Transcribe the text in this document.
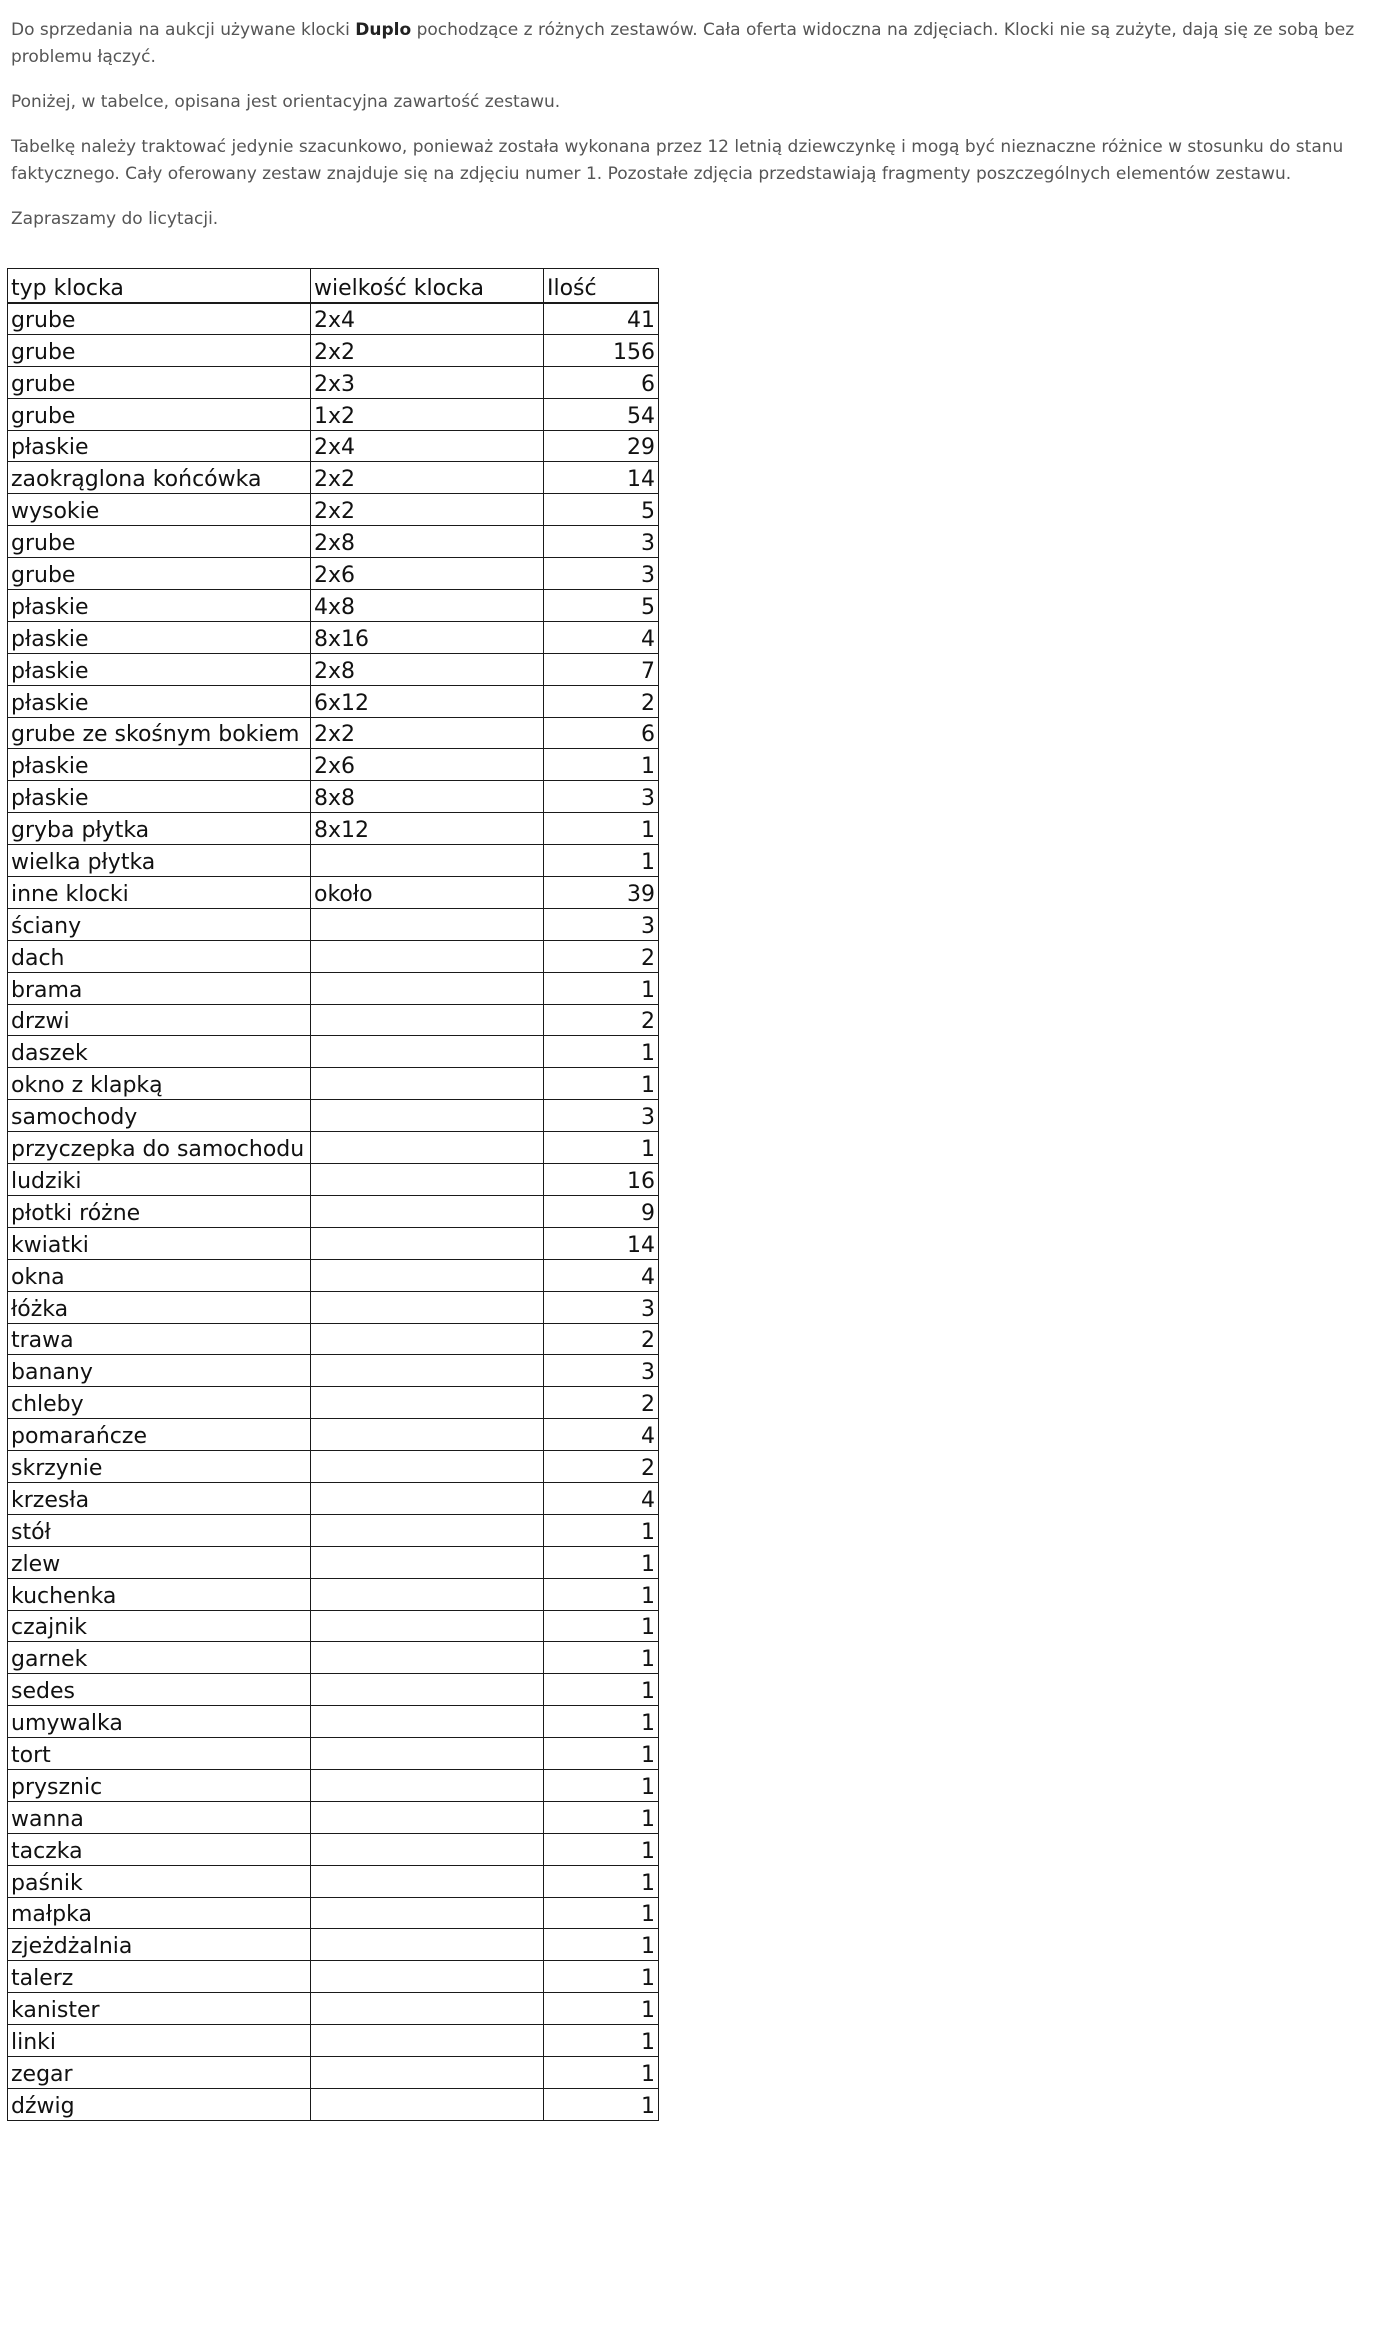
Do sprzedania na aukcji używane klocki Duplo pochodzące z różnych zestawów. Cała oferta widoczna na zdjęciach. Klocki nie są zużyte, dają się ze sobą bez problemu łączyć.

Poniżej, w tabelce, opisana jest orientacyjna zawartość zestawu.

Tabelkę należy traktować jedynie szacunkowo, ponieważ została wykonana przez 12 letnią dziewczynkę i mogą być nieznaczne różnice w stosunku do stanu faktycznego. Cały oferowany zestaw znajduje się na zdjęciu numer 1. Pozostałe zdjęcia przedstawiają fragmenty poszczególnych elementów zestawu.

Zapraszamy do licytacji.

typ klocka	wielkość klocka	Ilość
grube	2x4	41
grube	2x2	156
grube	2x3	6
grube	1x2	54
płaskie	2x4	29
zaokrąglona końcówka	2x2	14
wysokie	2x2	5
grube	2x8	3
grube	2x6	3
płaskie	4x8	5
płaskie	8x16	4
płaskie	2x8	7
płaskie	6x12	2
grube ze skośnym bokiem	2x2	6
płaskie	2x6	1
płaskie	8x8	3
gryba płytka	8x12	1
wielka płytka		1
inne klocki	około	39
ściany		3
dach		2
brama		1
drzwi		2
daszek		1
okno z klapką		1
samochody		3
przyczepka do samochodu		1
ludziki		16
płotki różne		9
kwiatki		14
okna		4
łóżka		3
trawa		2
banany		3
chleby		2
pomarańcze		4
skrzynie		2
krzesła		4
stół		1
zlew		1
kuchenka		1
czajnik		1
garnek		1
sedes		1
umywalka		1
tort		1
prysznic		1
wanna		1
taczka		1
paśnik		1
małpka		1
zjeżdżalnia		1
talerz		1
kanister		1
linki		1
zegar		1
dźwig		1
